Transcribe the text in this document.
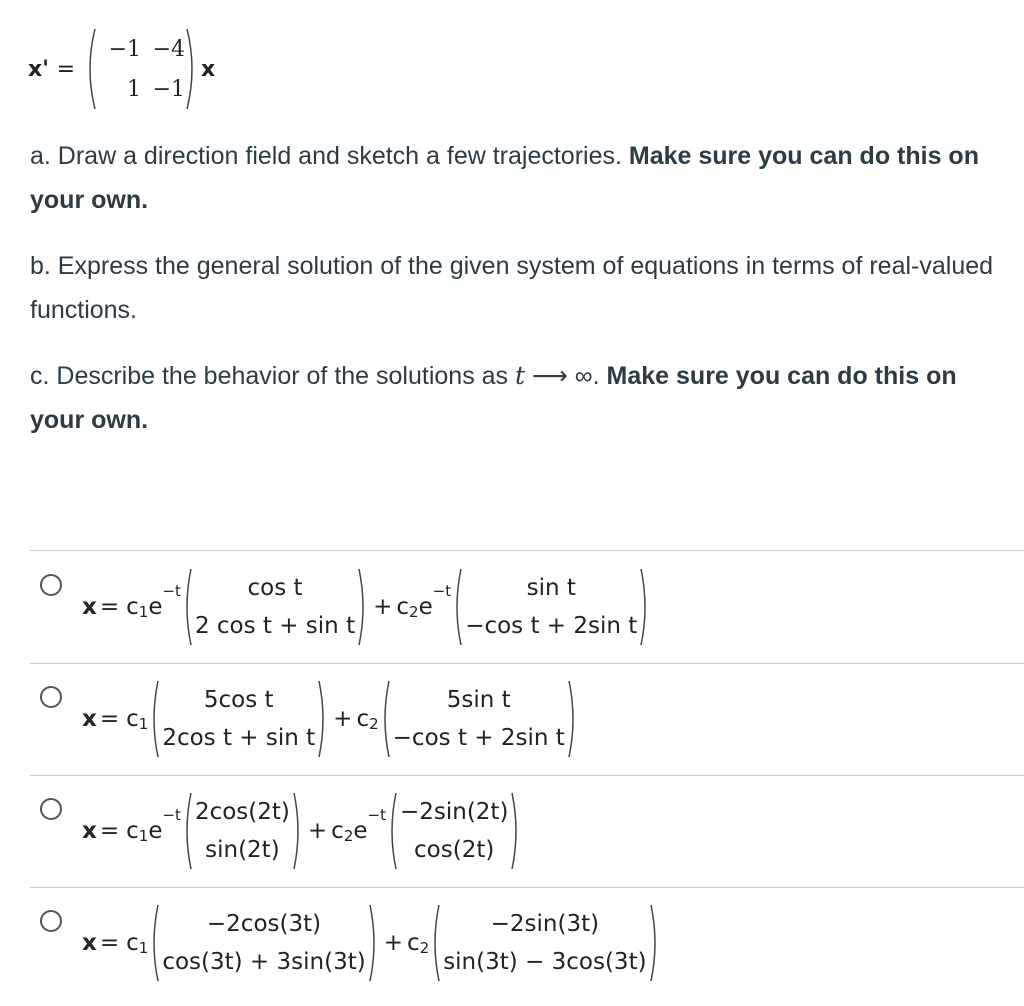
x' =
−1 −4
1 −1
x
a. Draw a direction field and sketch a few trajectories. Make sure you can do this on your own.
b. Express the general solution of the given system of equations in terms of real-valued functions.
c. Describe the behavior of the solutions as t ⟶ ∞. Make sure you can do this on your own.
x = c 1 e
−t	cos t
2 cos t + sin t
+ c 2 e
−t	sin t
−cos t + 2sin t
x = c 1
5cos t
2cos t + sin t
+ c 2
5sin t
−cos t + 2sin t
x = c 1 e
−t 2cos(2t)
sin(2t)
+ c 2 e
−t −2sin(2t)
cos(2t)
x = c 1
−2cos(3t)
cos(3t) + 3sin(3t)
+ c 2
−2sin(3t)
sin(3t) − 3cos(3t)
